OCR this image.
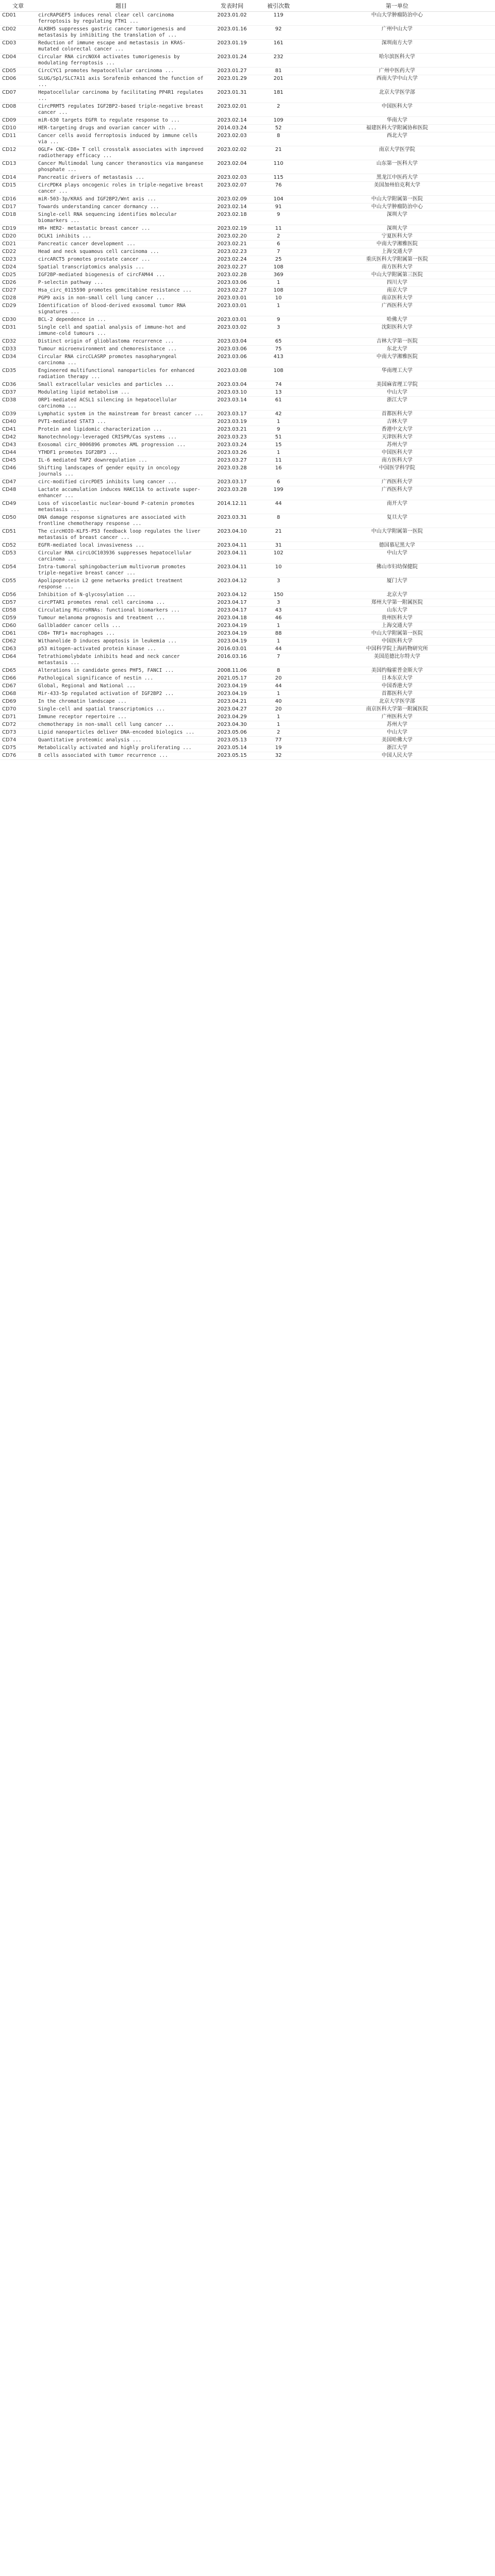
文章	题目	发表时间	被引次数	第一单位
CD01	circRAPGEF5 induces renal clear cell carcinoma ferroptosis by regulating FTH1 ...	2023.01.02	119	中山大学肿瘤防治中心
CD02	ALKBH5 suppresses gastric cancer tumorigenesis and metastasis by inhibiting the translation of ...	2023.01.16	92	广州中山大学
CD03	Reduction of immune escape and metastasis in KRAS-mutated colorectal cancer ...	2023.01.19	161	深圳南方大学
CD04	Circular RNA circNOX4 activates tumorigenesis by modulating ferroptosis ...	2023.01.24	232	哈尔滨医科大学
CD05	CircCYC1 promotes hepatocellular carcinoma ...	2023.01.27	81	广州中医药大学
CD06	SLUG/Sp1/SLC7A11 axis Sorafenib enhanced the function of ...	2023.01.29	201	西南大学中山大学
CD07	Hepatocellular carcinoma by facilitating PP4R1 regulates ...	2023.01.31	181	北京大学医学部
CD08	CircPRMT5 regulates IGF2BP2-based triple-negative breast cancer ...	2023.02.01	2	中国医科大学
CD09	miR-630 targets EGFR to regulate response to ...	2023.02.14	109	华南大学
CD10	HER-targeting drugs and ovarian cancer with ...	2014.03.24	52	福建医科大学附属协和医院
CD11	Cancer cells avoid ferroptosis induced by immune cells via ...	2023.02.03	8	西北大学
CD12	OGLF+ CNC-CD8+ T cell crosstalk associates with improved radiotherapy efficacy ...	2023.02.02	21	南京大学医学院
CD13	Cancer Multimodal lung cancer theranostics via manganese phosphate ...	2023.02.04	110	山东第一医科大学
CD14	Pancreatic drivers of metastasis ...	2023.02.03	115	黑龙江中医药大学
CD15	CircPDK4 plays oncogenic roles in triple-negative breast cancer ...	2023.02.07	76	美国加州伯克利大学
CD16	miR-503-3p/KRAS and IGF2BP2/Wnt axis ...	2023.02.09	104	中山大学附属第一医院
CD17	Towards understanding cancer dormancy ...	2023.02.14	91	中山大学肿瘤防治中心
CD18	Single-cell RNA sequencing identifies molecular biomarkers ...	2023.02.18	9	深圳大学
CD19	HR+ HER2- metastatic breast cancer ...	2023.02.19	11	深圳大学
CD20	DCLK1 inhibits ...	2023.02.20	2	宁夏医科大学
CD21	Pancreatic cancer development ...	2023.02.21	6	中南大学湘雅医院
CD22	Head and neck squamous cell carcinoma ...	2023.02.23	7	上海交通大学
CD23	circARCT5 promotes prostate cancer ...	2023.02.24	25	重庆医科大学附属第一医院
CD24	Spatial transcriptomics analysis ...	2023.02.27	108	南方医科大学
CD25	IGF2BP-mediated biogenesis of circFAM44 ...	2023.02.28	369	中山大学附属第三医院
CD26	P-selectin pathway ...	2023.03.06	1	四川大学
CD27	Hsa_circ_0115590 promotes gemcitabine resistance ...	2023.02.27	108	南京大学
CD28	PGP9 axis in non-small cell lung cancer ...	2023.03.01	10	南京医科大学
CD29	Identification of blood-derived exosomal tumor RNA signatures ...	2023.03.01	1	广西医科大学
CD30	BCL-2 dependence in ...	2023.03.01	9	哈佛大学
CD31	Single cell and spatial analysis of immune-hot and immune-cold tumours ...	2023.03.02	3	沈阳医科大学
CD32	Distinct origin of glioblastoma recurrence ...	2023.03.04	65	吉林大学第一医院
CD33	Tumour microenvironment and chemoresistance ...	2023.03.06	75	东北大学
CD34	Circular RNA circCLASRP promotes nasopharyngeal carcinoma ...	2023.03.06	413	中南大学湘雅医院
CD35	Engineered multifunctional nanoparticles for enhanced radiation therapy ...	2023.03.08	108	华南理工大学
CD36	Small extracellular vesicles and particles ...	2023.03.04	74	美国麻省理工学院
CD37	Modulating lipid metabolism ...	2023.03.10	13	中山大学
CD38	ORP1-mediated ACSL1 silencing in hepatocellular carcinoma ...	2023.03.14	61	浙江大学
CD39	Lymphatic system in the mainstream for breast cancer ...	2023.03.17	42	首都医科大学
CD40	PVT1-mediated STAT3 ...	2023.03.19	1	吉林大学
CD41	Protein and lipidomic characterization ...	2023.03.21	9	香港中文大学
CD42	Nanotechnology-leveraged CRISPR/Cas systems ...	2023.03.23	51	天津医科大学
CD43	Exosomal circ_0006896 promotes AML progression ...	2023.03.24	15	苏州大学
CD44	YTHDF1 promotes IGF2BP3 ...	2023.03.26	1	中国医科大学
CD45	IL-6 mediated TAP2 downregulation ...	2023.03.27	11	南方医科大学
CD46	Shifting landscapes of gender equity in oncology journals ...	2023.03.28	16	中国医学科学院
CD47	circ-modified circPDE5 inhibits lung cancer ...	2023.03.17	6	广西医科大学
CD48	Lactate accumulation induces HAKC11A to activate super-enhancer ...	2023.03.28	199	广西医科大学
CD49	Loss of viscoelastic nuclear-bound P-catenin promotes metastasis ...	2014.12.11	44	南开大学
CD50	DNA damage response signatures are associated with frontline chemotherapy response ...	2023.03.31	8	复旦大学
CD51	The circHOIO-KLF5-P53 feedback loop regulates the liver metastasis of breast cancer ...	2023.04.10	21	中山大学附属第一医院
CD52	EGFR-mediated local invasiveness ...	2023.04.11	31	德国慕尼黑大学
CD53	Circular RNA circLOC103936 suppresses hepatocellular carcinoma ...	2023.04.11	102	中山大学
CD54	Intra-tumoral sphingobacterium multivorum promotes triple-negative breast cancer ...	2023.04.11	10	佛山市妇幼保健院
CD55	Apolipoprotein L2 gene networks predict treatment response ...	2023.04.12	3	厦门大学
CD56	Inhibition of N-glycosylation ...	2023.04.12	150	北京大学
CD57	circPTAR1 promotes renal cell carcinoma ...	2023.04.17	3	郑州大学第一附属医院
CD58	Circulating MicroRNAs: functional biomarkers ...	2023.04.17	43	山东大学
CD59	Tumour melanoma prognosis and treatment ...	2023.04.18	46	贵州医科大学
CD60	Gallbladder cancer cells ...	2023.04.19	1	上海交通大学
CD61	CD8+ TRF1+ macrophages ...	2023.04.19	88	中山大学附属第一医院
CD62	Withanolide D induces apoptosis in leukemia ...	2023.04.19	1	中国医科大学
CD63	p53 mitogen-activated protein kinase ...	2016.03.01	44	中国科学院上海药物研究所
CD64	Tetrathiomolybdate inhibits head and neck cancer metastasis ...	2016.03.16	7	美国范德比尔特大学
CD65	Alterations in candidate genes PHF5, FANCI ...	2008.11.06	8	美国约翰霍普金斯大学
CD66	Pathological significance of nestin ...	2021.05.17	20	日本东京大学
CD67	Global, Regional and National ...	2023.04.19	44	中国香港大学
CD68	Mir-433-5p regulated activation of IGF2BP2 ...	2023.04.19	1	首都医科大学
CD69	In the chromatin landscape ...	2023.04.21	40	北京大学医学部
CD70	Single-cell and spatial transcriptomics ...	2023.04.27	20	南京医科大学第一附属医院
CD71	Immune receptor repertoire ...	2023.04.29	1	广州医科大学
CD72	chemotherapy in non-small cell lung cancer ...	2023.04.30	1	苏州大学
CD73	Lipid nanoparticles deliver DNA-encoded biologics ...	2023.05.06	2	中山大学
CD74	Quantitative proteomic analysis ...	2023.05.13	77	美国哈佛大学
CD75	Metabolically activated and highly proliferating ...	2023.05.14	19	浙江大学
CD76	B cells associated with tumor recurrence ...	2023.05.15	32	中国人民大学
